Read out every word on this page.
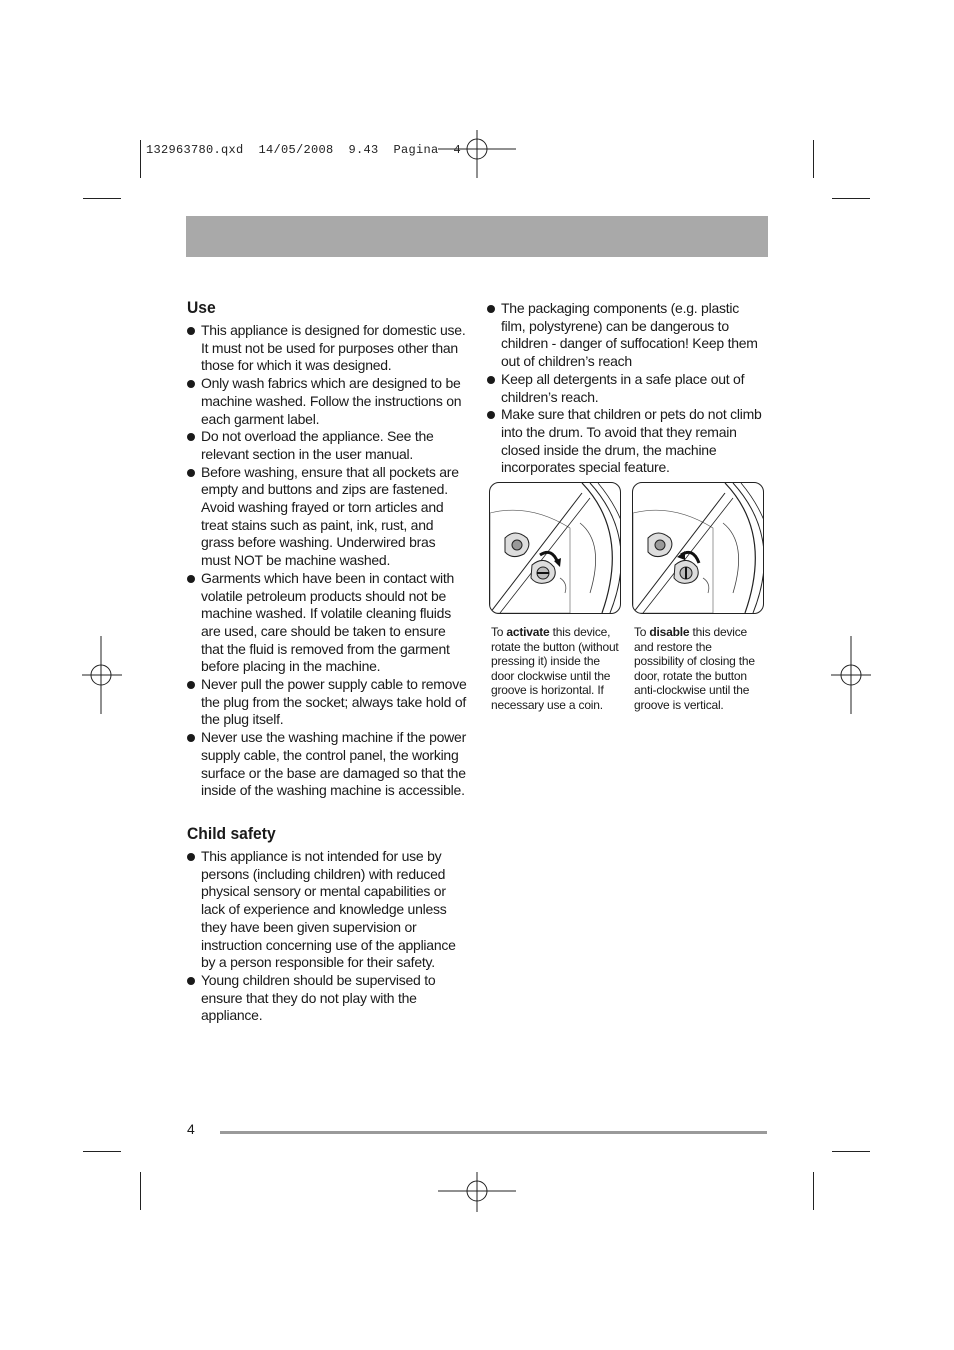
132963780.qxd  14/05/2008  9.43  Pagina  4
Use
This appliance is designed for domestic use. It must not be used for purposes other than those for which it was designed.
Only wash fabrics which are designed to be machine washed. Follow the instructions on each garment label.
Do not overload the appliance. See the relevant section in the user manual.
Before washing, ensure that all pockets are empty and buttons and zips are fastened. Avoid washing frayed or torn articles and treat stains such as paint, ink, rust, and grass before washing. Underwired bras must NOT be machine washed.
Garments which have been in contact with volatile petroleum products should not be machine washed. If volatile cleaning fluids are used, care should be taken to ensure that the fluid is removed from the garment before placing in the machine.
Never pull the power supply cable to remove the plug from the socket; always take hold of the plug itself.
Never use the washing machine if the power supply cable, the control panel, the working surface or the base are damaged so that the inside of the washing machine is accessible.
Child safety
This appliance is not intended for use by persons (including children) with reduced physical sensory or mental capabilities or lack of experience and knowledge unless they have been given supervision or instruction concerning use of the appliance by a person responsible for their safety.
Young children should be supervised to ensure that they do not play with the appliance.
The packaging components (e.g. plastic film, polystyrene) can be dangerous to children - danger of suffocation! Keep them out of children’s reach
Keep all detergents in a safe place out of children’s reach.
Make sure that children or pets do not climb into the drum. To avoid that they remain closed inside the drum, the machine incorporates special feature.
To activate this device, rotate the button (without pressing it) inside the door clockwise until the groove is horizontal. If necessary use a coin.
To disable this device and restore the possibility of closing the door, rotate the button anti-clockwise until the groove is vertical.
4
